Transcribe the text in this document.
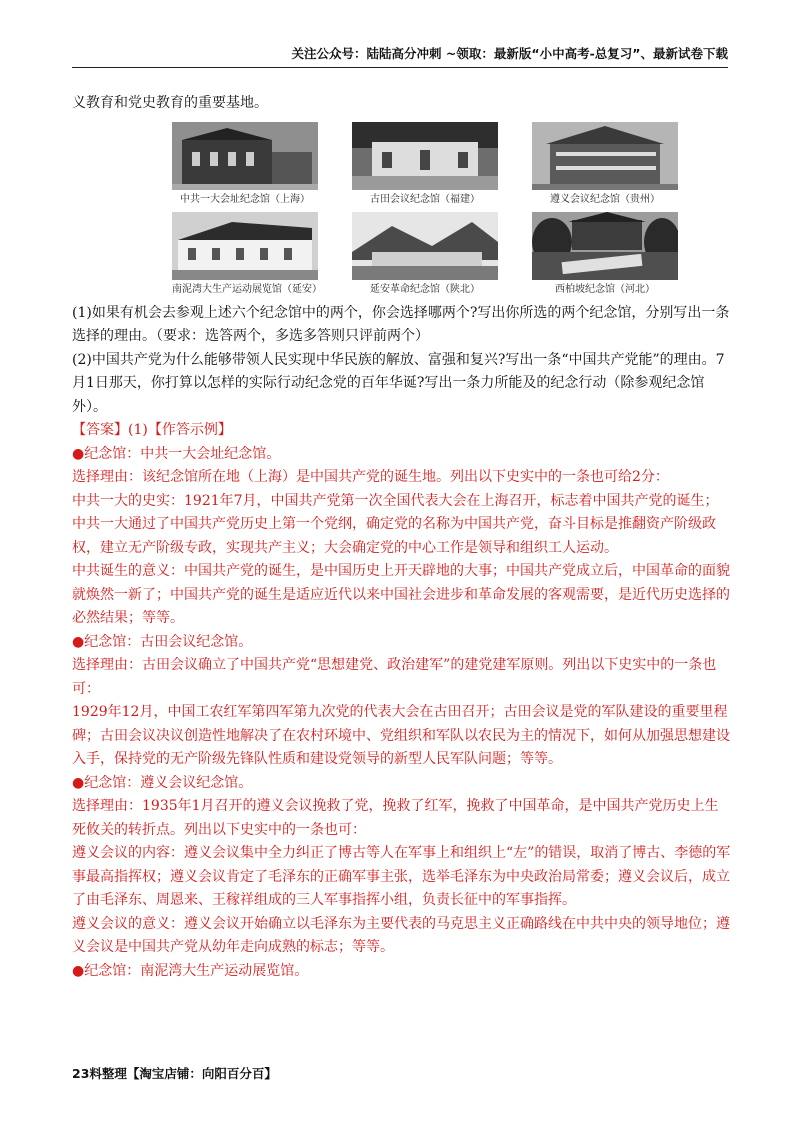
关注公众号：陆陆高分冲刺 ~领取：最新版“小中高考-总复习”、最新试卷下载

义教育和党史教育的重要基地。

中共一大会址纪念馆（上海）	古田会议纪念馆（福建）	遵义会议纪念馆（贵州）
南泥湾大生产运动展览馆（延安）	延安革命纪念馆（陕北）	西柏坡纪念馆（河北）

(1)如果有机会去参观上述六个纪念馆中的两个，你会选择哪两个?写出你所选的两个纪念馆，分别写出一条选择的理由。（要求：选答两个，多选多答则只评前两个）

(2)中国共产党为什么能够带领人民实现中华民族的解放、富强和复兴?写出一条“中国共产党能”的理由。7月1日那天，你打算以怎样的实际行动纪念党的百年华诞?写出一条力所能及的纪念行动（除参观纪念馆外）。

【答案】(1)【作答示例】

●纪念馆：中共一大会址纪念馆。

选择理由：该纪念馆所在地（上海）是中国共产党的诞生地。列出以下史实中的一条也可给2分：

中共一大的史实：1921年7月，中国共产党第一次全国代表大会在上海召开，标志着中国共产党的诞生；中共一大通过了中国共产党历史上第一个党纲，确定党的名称为中国共产党，奋斗目标是推翻资产阶级政权，建立无产阶级专政，实现共产主义；大会确定党的中心工作是领导和组织工人运动。

中共诞生的意义：中国共产党的诞生，是中国历史上开天辟地的大事；中国共产党成立后，中国革命的面貌就焕然一新了；中国共产党的诞生是适应近代以来中国社会进步和革命发展的客观需要，是近代历史选择的必然结果；等等。

●纪念馆：古田会议纪念馆。

选择理由：古田会议确立了中国共产党“思想建党、政治建军”的建党建军原则。列出以下史实中的一条也可：

1929年12月，中国工农红军第四军第九次党的代表大会在古田召开；古田会议是党的军队建设的重要里程碑；古田会议决议创造性地解决了在农村环境中、党组织和军队以农民为主的情况下，如何从加强思想建设入手，保持党的无产阶级先锋队性质和建设党领导的新型人民军队问题；等等。

●纪念馆：遵义会议纪念馆。

选择理由：1935年1月召开的遵义会议挽救了党，挽救了红军，挽救了中国革命，是中国共产党历史上生死攸关的转折点。列出以下史实中的一条也可：

遵义会议的内容：遵义会议集中全力纠正了博古等人在军事上和组织上“左”的错误，取消了博古、李德的军事最高指挥权；遵义会议肯定了毛泽东的正确军事主张，选举毛泽东为中央政治局常委；遵义会议后，成立了由毛泽东、周恩来、王稼祥组成的三人军事指挥小组，负责长征中的军事指挥。

遵义会议的意义：遵义会议开始确立以毛泽东为主要代表的马克思主义正确路线在中共中央的领导地位；遵义会议是中国共产党从幼年走向成熟的标志；等等。

●纪念馆：南泥湾大生产运动展览馆。

23料整理【淘宝店铺：向阳百分百】
